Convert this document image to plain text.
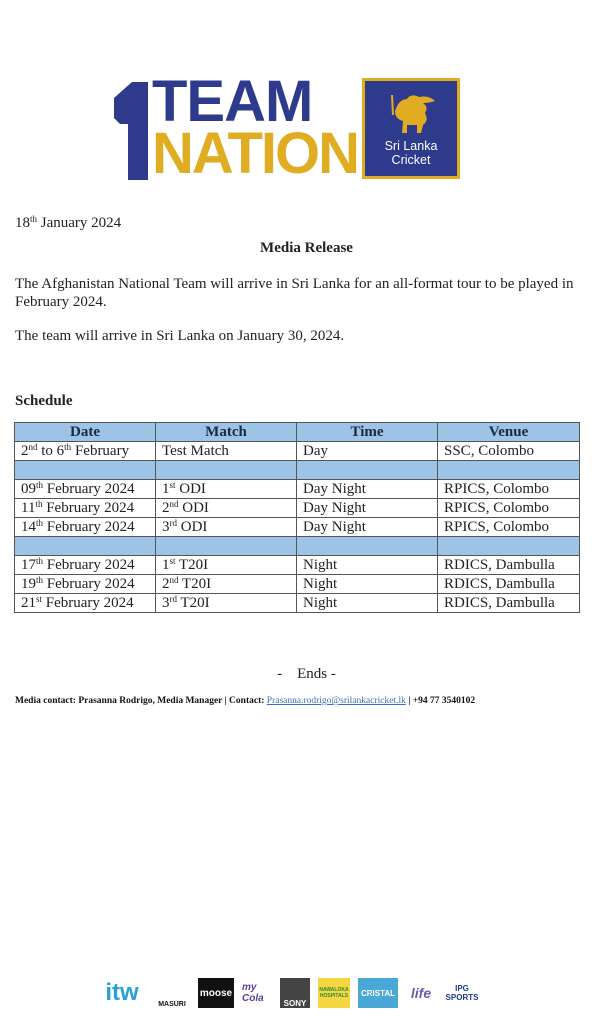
TEAM
NATION	Sri Lanka
Cricket
18th January 2024
Media Release
The Afghanistan National Team will arrive in Sri Lanka for an all-format tour to be played in February 2024.
The team will arrive in Sri Lanka on January 30, 2024.
Schedule
Date	Match	Time	Venue
2nd to 6th February	Test Match	Day	SSC, Colombo

09th February 2024	1st ODI	Day Night	RPICS, Colombo
11th February 2024	2nd ODI	Day Night	RPICS, Colombo
14th February 2024	3rd ODI	Day Night	RPICS, Colombo

17th February 2024	1st T20I	Night	RDICS, Dambulla
19th February 2024	2nd T20I	Night	RDICS, Dambulla
21st February 2024	3rd T20I	Night	RDICS, Dambulla
-    Ends -
Media contact: Prasanna Rodrigo, Media Manager | Contact: Prasanna.rodrigo@srilankacricket.lk | +94 77 3540102
itw	MASURI
moose my Cola	SONY
NAWALOKA HOSPITALS	CRISTAL	life	IPG SPORTS
